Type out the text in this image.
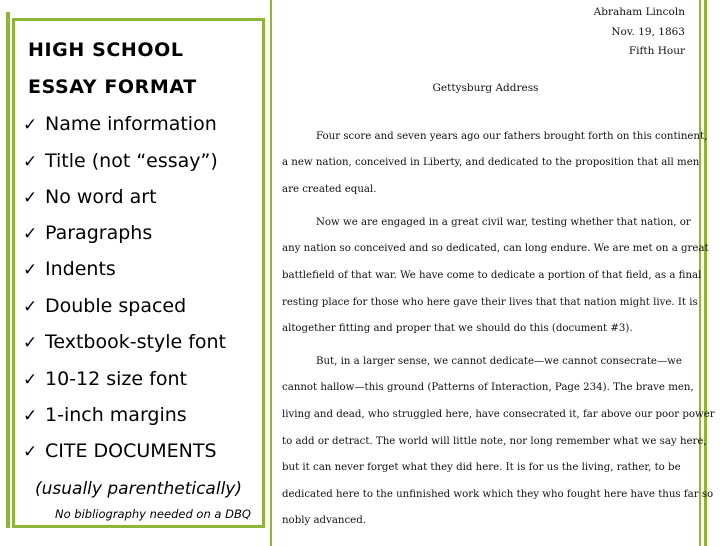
HIGH SCHOOL
ESSAY FORMAT
✓ Name information
✓ Title (not “essay”)
✓ No word art
✓ Paragraphs
✓ Indents
✓ Double spaced
✓ Textbook-style font
✓ 10-12 size font
✓ 1-inch margins
✓ CITE DOCUMENTS
(usually parenthetically)
No bibliography needed on a DBQ
Abraham Lincoln
Nov. 19, 1863
Fifth Hour
Gettysburg Address
Four score and seven years ago our fathers brought forth on this continent,
a new nation, conceived in Liberty, and dedicated to the proposition that all men
are created equal.
Now we are engaged in a great civil war, testing whether that nation, or
any nation so conceived and so dedicated, can long endure. We are met on a great
battlefield of that war. We have come to dedicate a portion of that field, as a final
resting place for those who here gave their lives that that nation might live. It is
altogether fitting and proper that we should do this (document #3).
But, in a larger sense, we cannot dedicate—we cannot consecrate—we
cannot hallow—this ground (Patterns of Interaction, Page 234). The brave men,
living and dead, who struggled here, have consecrated it, far above our poor power
to add or detract. The world will little note, nor long remember what we say here,
but it can never forget what they did here. It is for us the living, rather, to be
dedicated here to the unfinished work which they who fought here have thus far so
nobly advanced.
